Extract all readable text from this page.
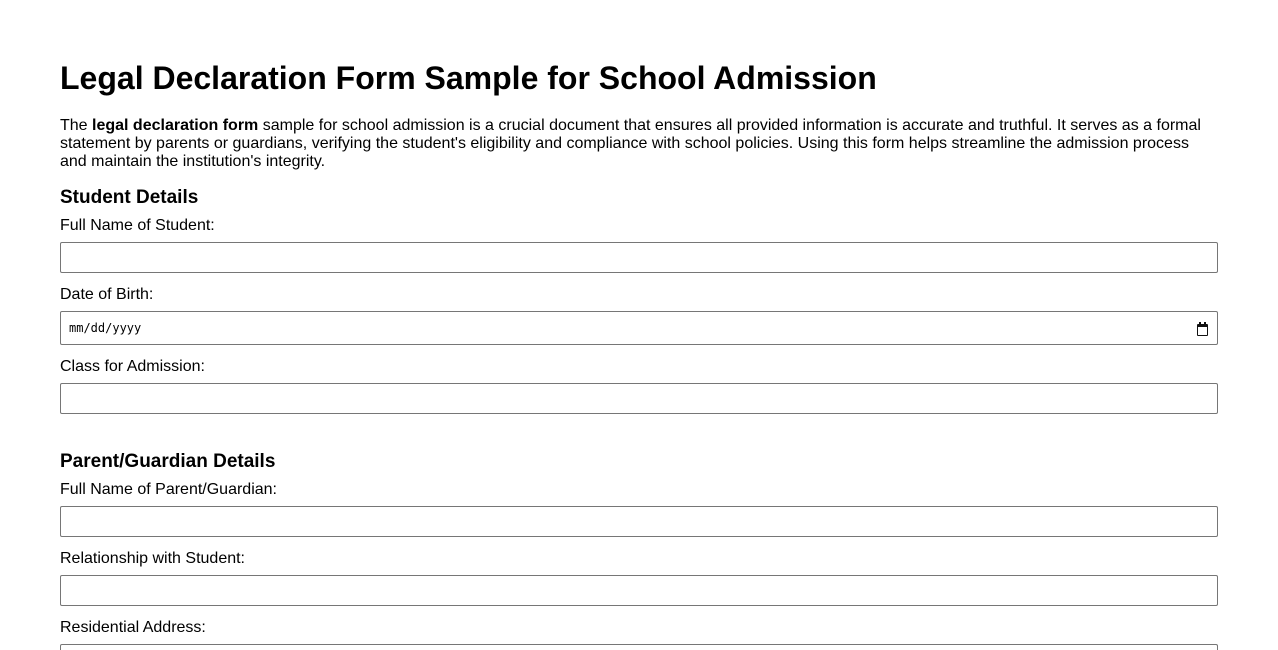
Legal Declaration Form Sample for School Admission

The legal declaration form sample for school admission is a crucial document that ensures all provided information is accurate and truthful. It serves as a formal statement by parents or guardians, verifying the student's eligibility and compliance with school policies. Using this form helps streamline the admission process and maintain the institution's integrity.

Student Details
Full Name of Student:
Date of Birth:
mm/dd/yyyy
Class for Admission:
Parent/Guardian Details
Full Name of Parent/Guardian:
Relationship with Student:
Residential Address:
